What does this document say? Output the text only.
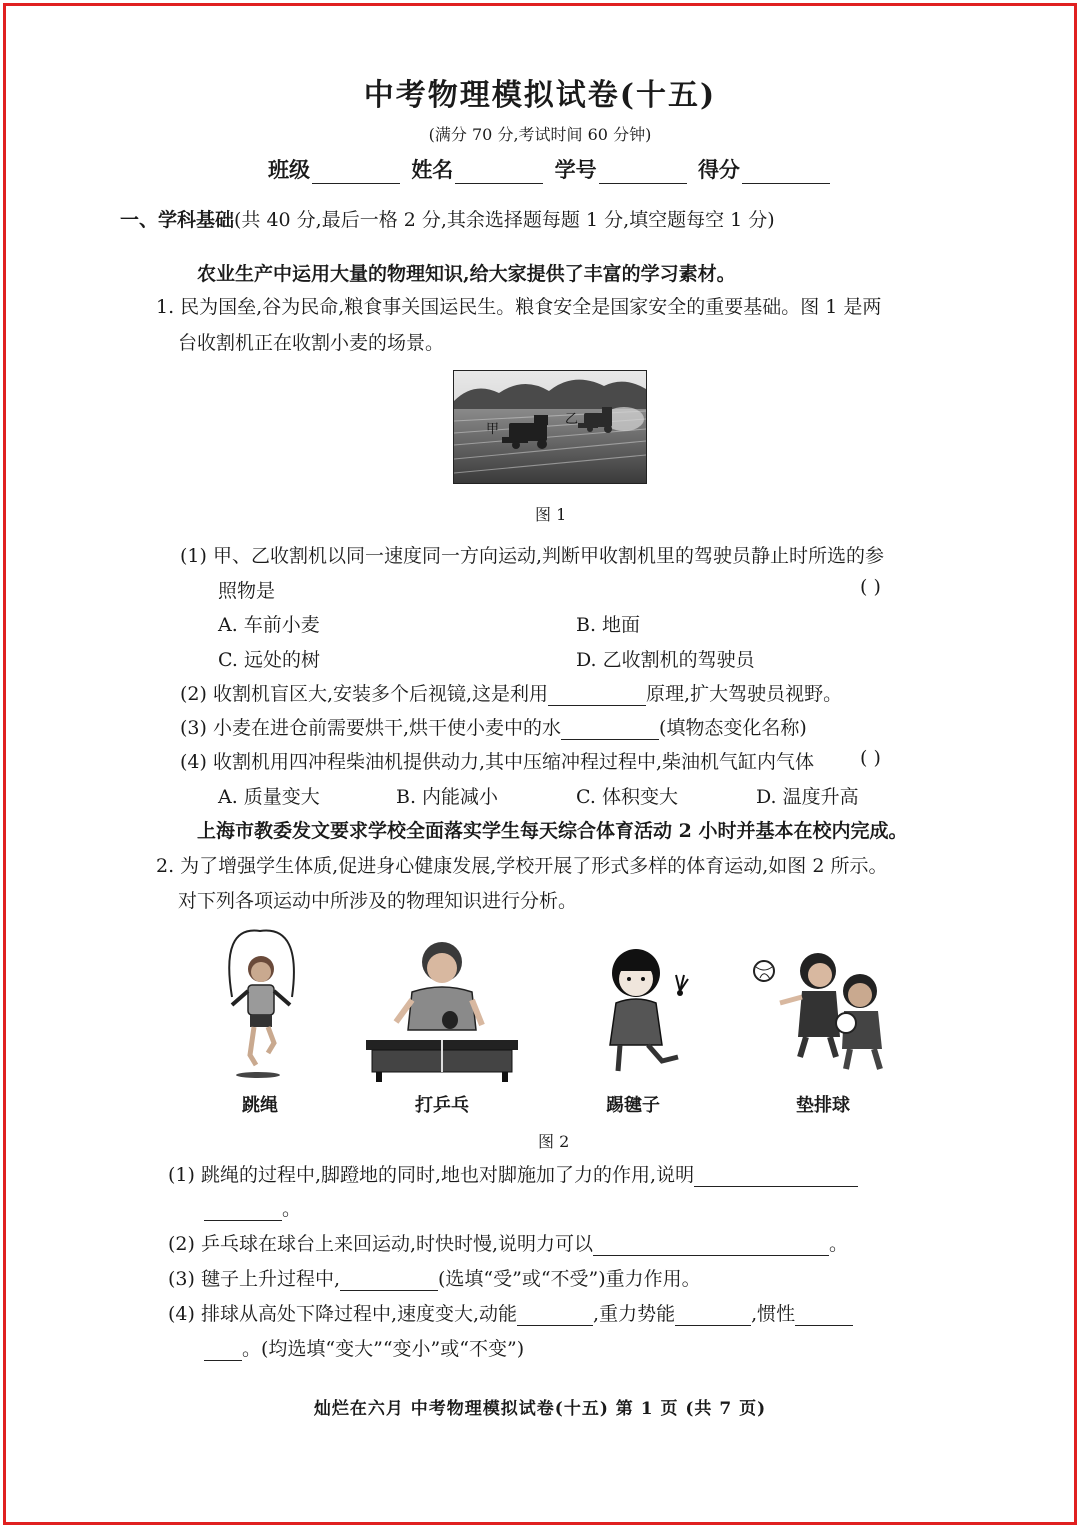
中考物理模拟试卷(十五)
(满分 70 分,考试时间 60 分钟)
班级	姓名	学号	得分
一、学科基础(共 40 分,最后一格 2 分,其余选择题每题 1 分,填空题每空 1 分)
农业生产中运用大量的物理知识,给大家提供了丰富的学习素材。
1. 民为国垒,谷为民命,粮食事关国运民生。粮食安全是国家安全的重要基础。图 1 是两
台收割机正在收割小麦的场景。
甲
乙
图 1
(1) 甲、乙收割机以同一速度同一方向运动,判断甲收割机里的驾驶员静止时所选的参
照物是	( )
A. 车前小麦	B. 地面
C. 远处的树	D. 乙收割机的驾驶员
(2) 收割机盲区大,安装多个后视镜,这是利用	原理,扩大驾驶员视野。
(3) 小麦在进仓前需要烘干,烘干使小麦中的水	(填物态变化名称)
(4) 收割机用四冲程柴油机提供动力,其中压缩冲程过程中,柴油机气缸内气体 ( )
A. 质量变大	B. 内能减小	C. 体积变大	D. 温度升高
上海市教委发文要求学校全面落实学生每天综合体育活动 2 小时并基本在校内完成。
2. 为了增强学生体质,促进身心健康发展,学校开展了形式多样的体育运动,如图 2 所示。
对下列各项运动中所涉及的物理知识进行分析。
跳绳	打乒乓	踢毽子	垫排球
图 2
(1) 跳绳的过程中,脚蹬地的同时,地也对脚施加了力的作用,说明
。
(2) 乒乓球在球台上来回运动,时快时慢,说明力可以	。
(3) 毽子上升过程中,	(选填“受”或“不受”)重力作用。
(4) 排球从高处下降过程中,速度变大,动能	,重力势能	,惯性
。(均选填“变大”“变小”或“不变”)
灿烂在六月 中考物理模拟试卷(十五) 第 1 页 (共 7 页)
